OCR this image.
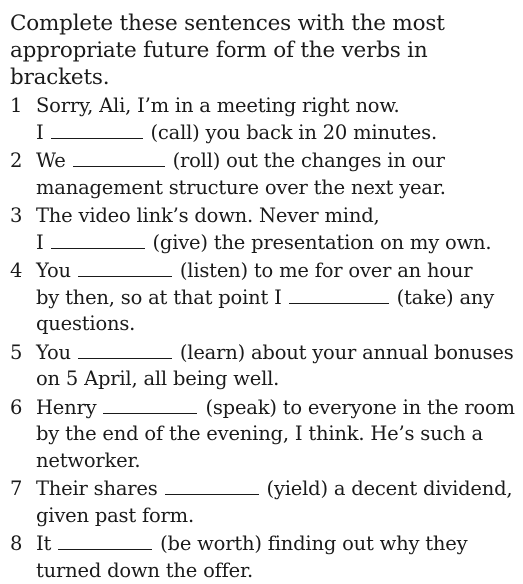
Complete these sentences with the most appropriate future form of the verbs in brackets.

1 Sorry, Ali, I’m in a meeting right now.
I	(call) you back in 20 minutes.
2 We	(roll) out the changes in our management structure over the next year.
3 The video link’s down. Never mind,
I	(give) the presentation on my own.
4 You	(listen) to me for over an hour
by then, so at that point I	(take) any
questions.
5 You	(learn) about your annual bonuses
on 5 April, all being well.
6 Henry	(speak) to everyone in the room by the end of the evening, I think. He’s such a networker.
7 Their shares	(yield) a decent dividend, given past form.
8 It	(be worth) finding out why they turned down the offer.
